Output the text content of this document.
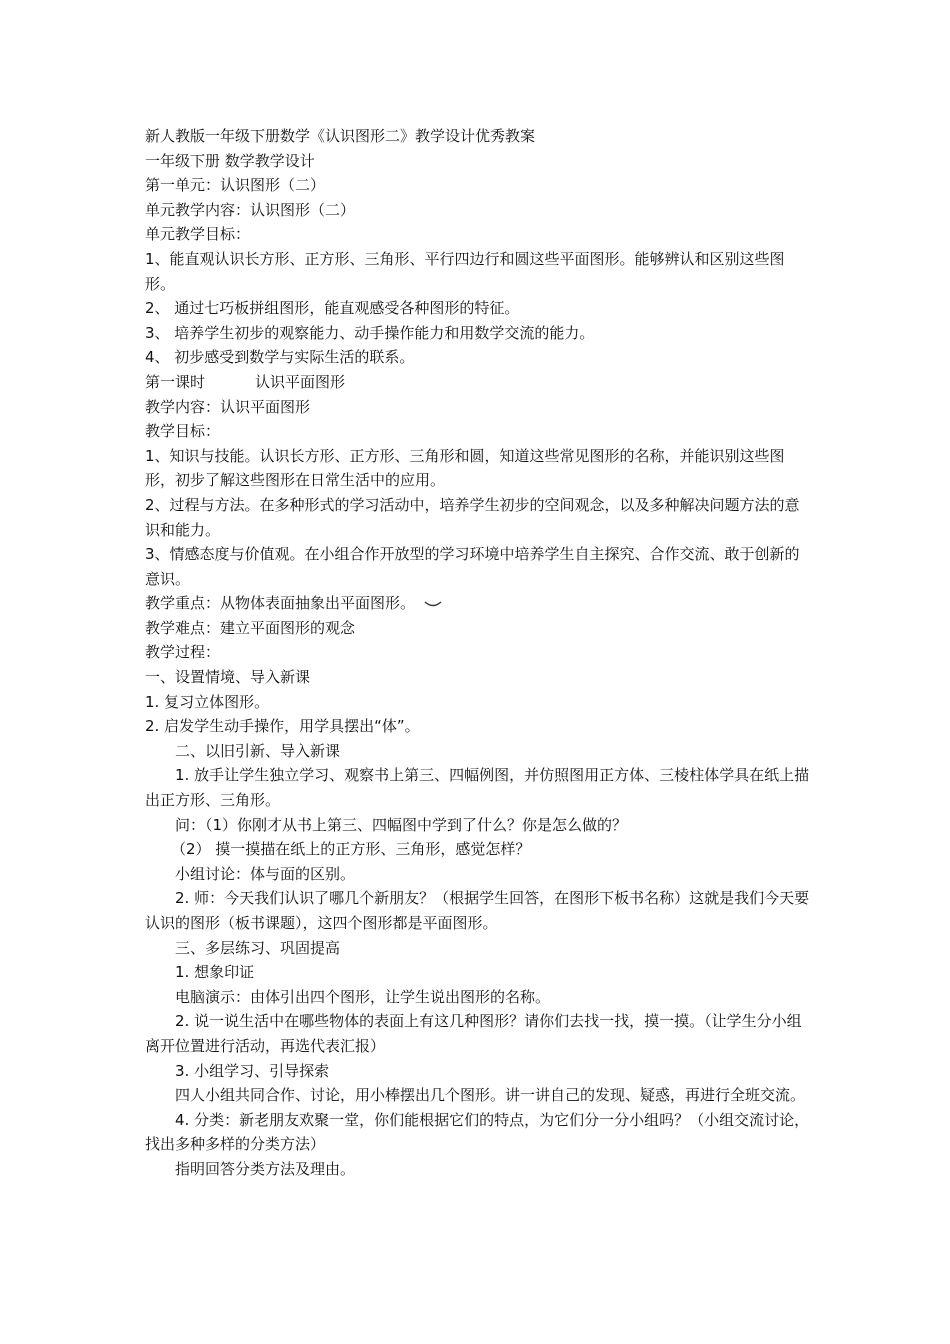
新人教版一年级下册数学《认识图形二》教学设计优秀教案

一年级下册 数学教学设计

第一单元：认识图形（二）

单元教学内容：认识图形（二）

单元教学目标：

1、能直观认识长方形、正方形、三角形、平行四边行和圆这些平面图形。能够辨认和区别这些图形。

2、 通过七巧板拼组图形，能直观感受各种图形的特征。

3、 培养学生初步的观察能力、动手操作能力和用数学交流的能力。

4、 初步感受到数学与实际生活的联系。

第一课时	认识平面图形

教学内容：认识平面图形

教学目标：

1、知识与技能。认识长方形、正方形、三角形和圆，知道这些常见图形的名称，并能识别这些图形，初步了解这些图形在日常生活中的应用。

2、过程与方法。在多种形式的学习活动中，培养学生初步的空间观念，以及多种解决问题方法的意识和能力。

3、情感态度与价值观。在小组合作开放型的学习环境中培养学生自主探究、合作交流、敢于创新的意识。

教学重点：从物体表面抽象出平面图形。

教学难点：建立平面图形的观念

教学过程：

一、设置情境、导入新课

1. 复习立体图形。

2. 启发学生动手操作，用学具摆出“体”。

二、以旧引新、导入新课

1. 放手让学生独立学习、观察书上第三、四幅例图，并仿照图用正方体、三棱柱体学具在纸上描出正方形、三角形。

问：（1）你刚才从书上第三、四幅图中学到了什么？你是怎么做的？

（2） 摸一摸描在纸上的正方形、三角形，感觉怎样？

小组讨论：体与面的区别。

2. 师：今天我们认识了哪几个新朋友？（根据学生回答，在图形下板书名称）这就是我们今天要认识的图形（板书课题），这四个图形都是平面图形。

三、多层练习、巩固提高

1. 想象印证

电脑演示：由体引出四个图形，让学生说出图形的名称。

2. 说一说生活中在哪些物体的表面上有这几种图形？请你们去找一找，摸一摸。（让学生分小组离开位置进行活动，再选代表汇报）

3. 小组学习、引导探索

四人小组共同合作、讨论，用小棒摆出几个图形。讲一讲自己的发现、疑惑，再进行全班交流。

4. 分类：新老朋友欢聚一堂，你们能根据它们的特点，为它们分一分小组吗？（小组交流讨论，找出多种多样的分类方法）

指明回答分类方法及理由。
